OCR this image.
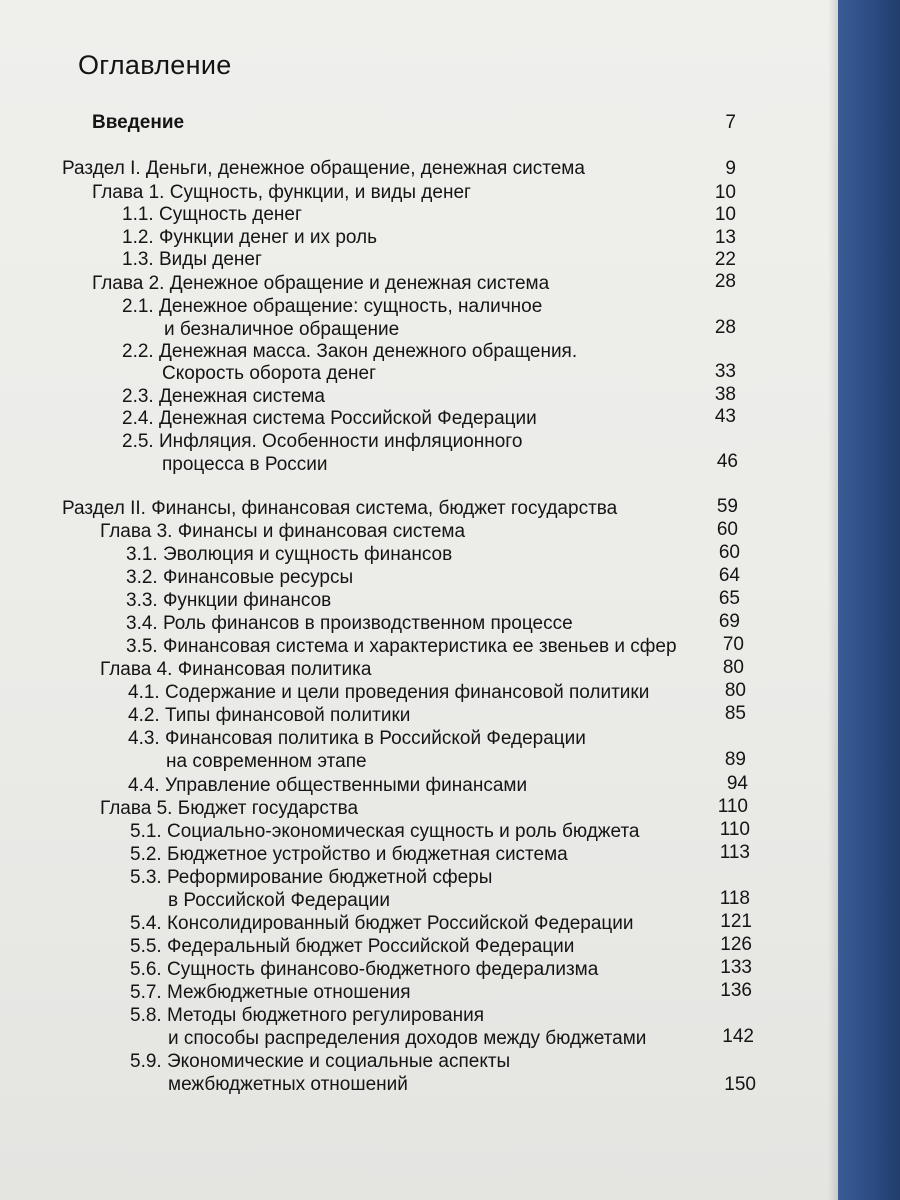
Оглавление
Введение	7
Раздел I. Деньги, денежное обращение, денежная система	9
Глава 1. Сущность, функции, и виды денег	10
1.1. Сущность денег	10
1.2. Функции денег и их роль	13
1.3. Виды денег	22
Глава 2. Денежное обращение и денежная система	28
2.1. Денежное обращение: сущность, наличное
и безналичное обращение	28
2.2. Денежная масса. Закон денежного обращения.
Скорость оборота денег	33
2.3. Денежная система	38
2.4. Денежная система Российской Федерации	43
2.5. Инфляция. Особенности инфляционного
процесса в России	46
Раздел II. Финансы, финансовая система, бюджет государства	59
Глава 3. Финансы и финансовая система	60
3.1. Эволюция и сущность финансов	60
3.2. Финансовые ресурсы	64
3.3. Функции финансов	65
3.4. Роль финансов в производственном процессе	69
3.5. Финансовая система и характеристика ее звеньев и сфер	70
Глава 4. Финансовая политика	80
4.1. Содержание и цели проведения финансовой политики	80
4.2. Типы финансовой политики	85
4.3. Финансовая политика в Российской Федерации
на современном этапе	89
4.4. Управление общественными финансами	94
Глава 5. Бюджет государства	110
5.1. Социально-экономическая сущность и роль бюджета	110
5.2. Бюджетное устройство и бюджетная система	113
5.3. Реформирование бюджетной сферы
в Российской Федерации	118
5.4. Консолидированный бюджет Российской Федерации	121
5.5. Федеральный бюджет Российской Федерации	126
5.6. Сущность финансово-бюджетного федерализма	133
5.7. Межбюджетные отношения	136
5.8. Методы бюджетного регулирования
и способы распределения доходов между бюджетами	142
5.9. Экономические и социальные аспекты
межбюджетных отношений	150
